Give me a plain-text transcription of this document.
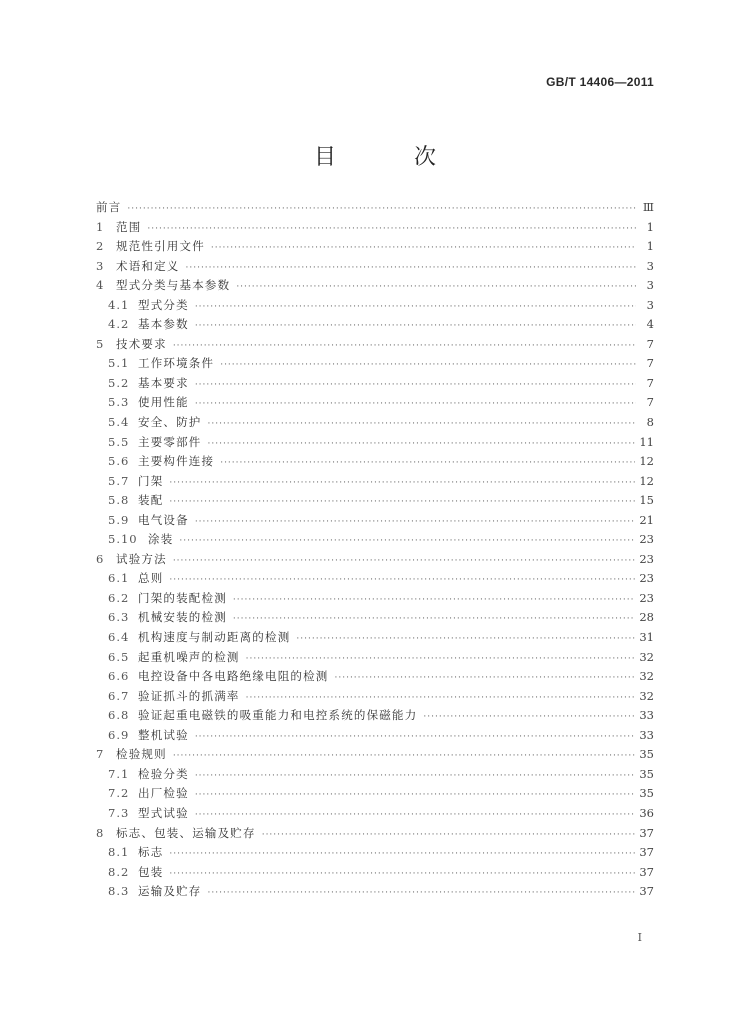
GB/T 14406—2011
目　次
前言 ·····	Ⅲ
1	范围 ·····	1
2	规范性引用文件 ·····	1
3	术语和定义 ·····	3
4	型式分类与基本参数 ·····	3
4.1 型式分类 ·····	3
4.2 基本参数 ·····	4
5	技术要求 ·····	7
5.1 工作环境条件 ·····	7
5.2 基本要求 ·····	7
5.3 使用性能 ·····	7
5.4 安全、防护 ·····	8
5.5 主要零部件 ·····	11
5.6 主要构件连接 ·····	12
5.7 门架 ·····	12
5.8 装配 ·····	15
5.9 电气设备 ·····	21
5.10 涂装 ·····	23
6	试验方法 ·····	23
6.1 总则 ·····	23
6.2 门架的装配检测 ·····	23
6.3 机械安装的检测 ·····	28
6.4 机构速度与制动距离的检测 ·····	31
6.5 起重机噪声的检测 ·····	32
6.6 电控设备中各电路绝缘电阻的检测 ·····	32
6.7 验证抓斗的抓满率 ·····	32
6.8 验证起重电磁铁的吸重能力和电控系统的保磁能力 ·····	33
6.9 整机试验 ·····	33
7	检验规则 ·····	35
7.1 检验分类 ·····	35
7.2 出厂检验 ·····	35
7.3 型式试验 ·····	36
8	标志、包装、运输及贮存 ·····	37
8.1 标志 ·····	37
8.2 包装 ·····	37
8.3 运输及贮存 ·····	37
I
